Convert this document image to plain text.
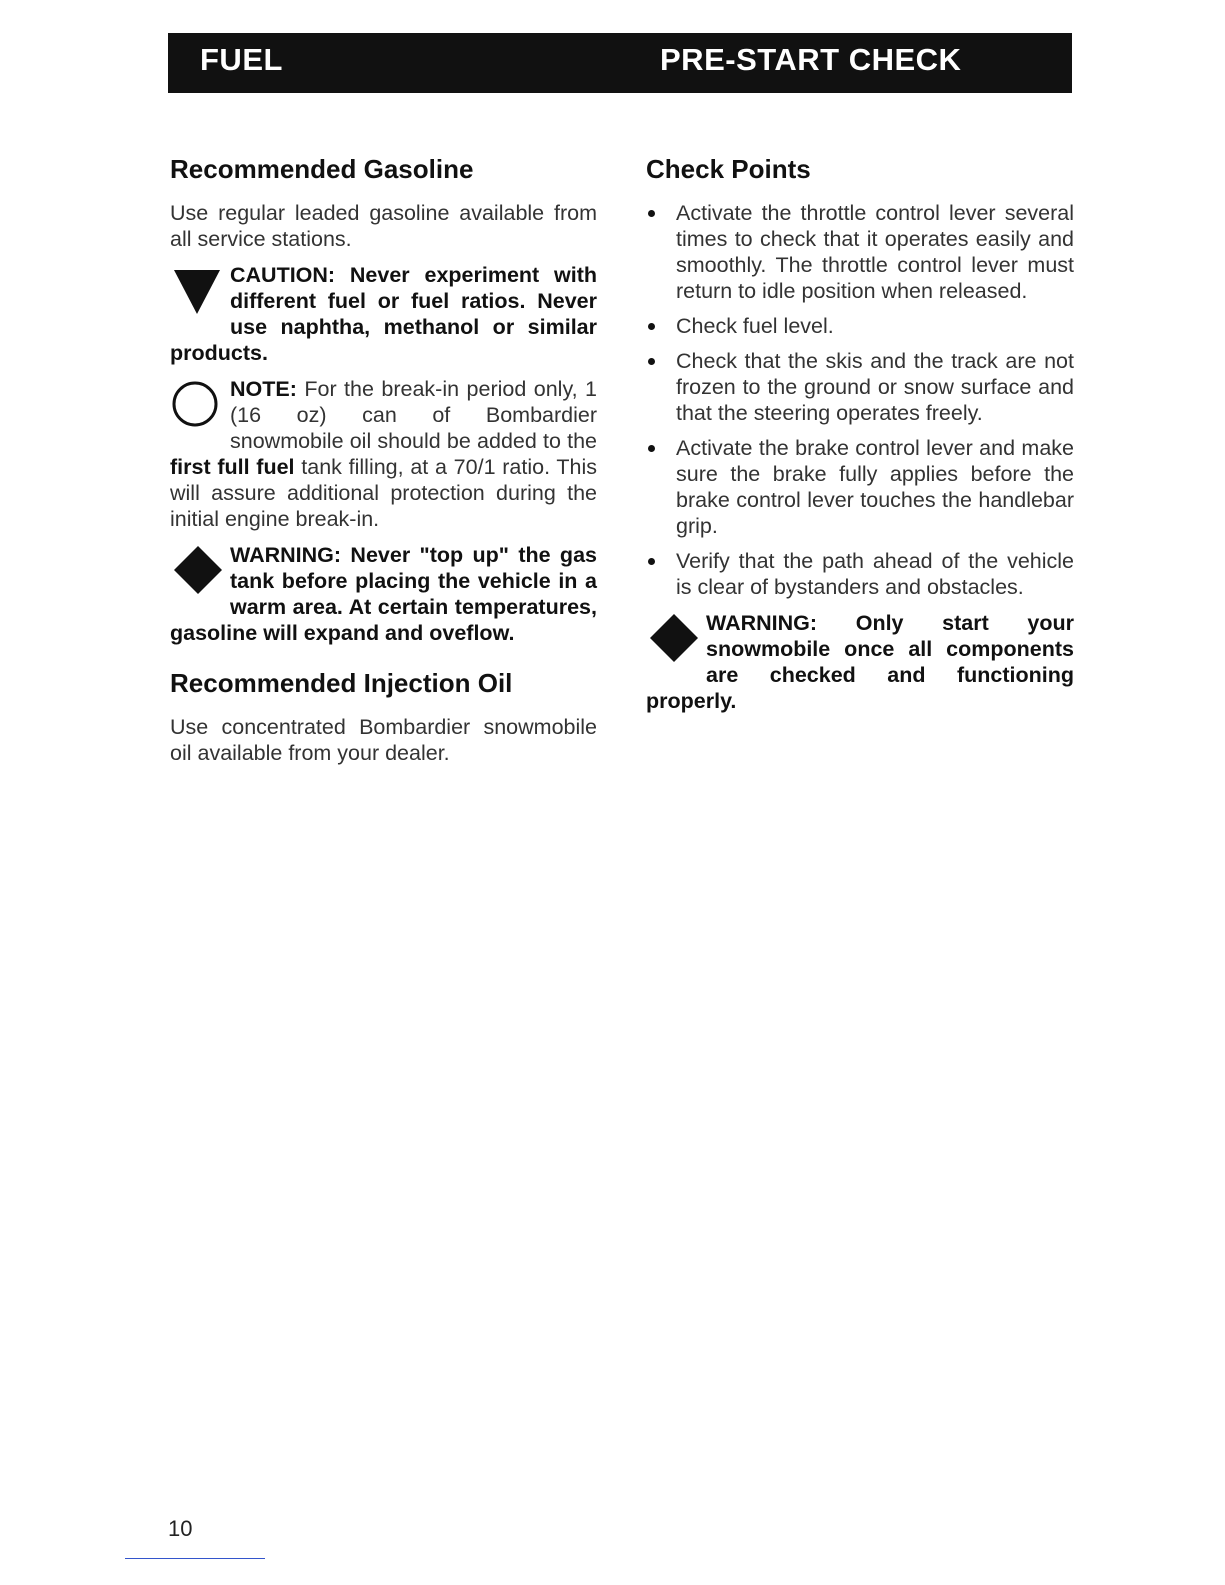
FUEL	PRE-START CHECK
Recommended Gasoline

Use regular leaded gasoline available from all service stations.

CAUTION: Never experiment with different fuel or fuel ratios. Never use naphtha, methanol or similar products.

NOTE: For the break-in period only, 1 (16 oz) can of Bombardier snowmobile oil should be added to the first full fuel tank filling, at a 70/1 ratio. This will assure additional protection during the initial engine break-in.

WARNING: Never "top up" the gas tank before placing the vehicle in a warm area. At certain temperatures, gasoline will expand and oveflow.

Recommended Injection Oil

Use concentrated Bombardier snowmobile oil available from your dealer.

Check Points
Activate the throttle control lever several times to check that it operates easily and smoothly. The throttle control lever must return to idle position when released.
Check fuel level.
Check that the skis and the track are not frozen to the ground or snow surface and that the steering operates freely.
Activate the brake control lever and make sure the brake fully applies before the brake control lever touches the handlebar grip.
Verify that the path ahead of the vehicle is clear of bystanders and obstacles.

WARNING: Only start your snowmobile once all components are checked and functioning properly.

10
